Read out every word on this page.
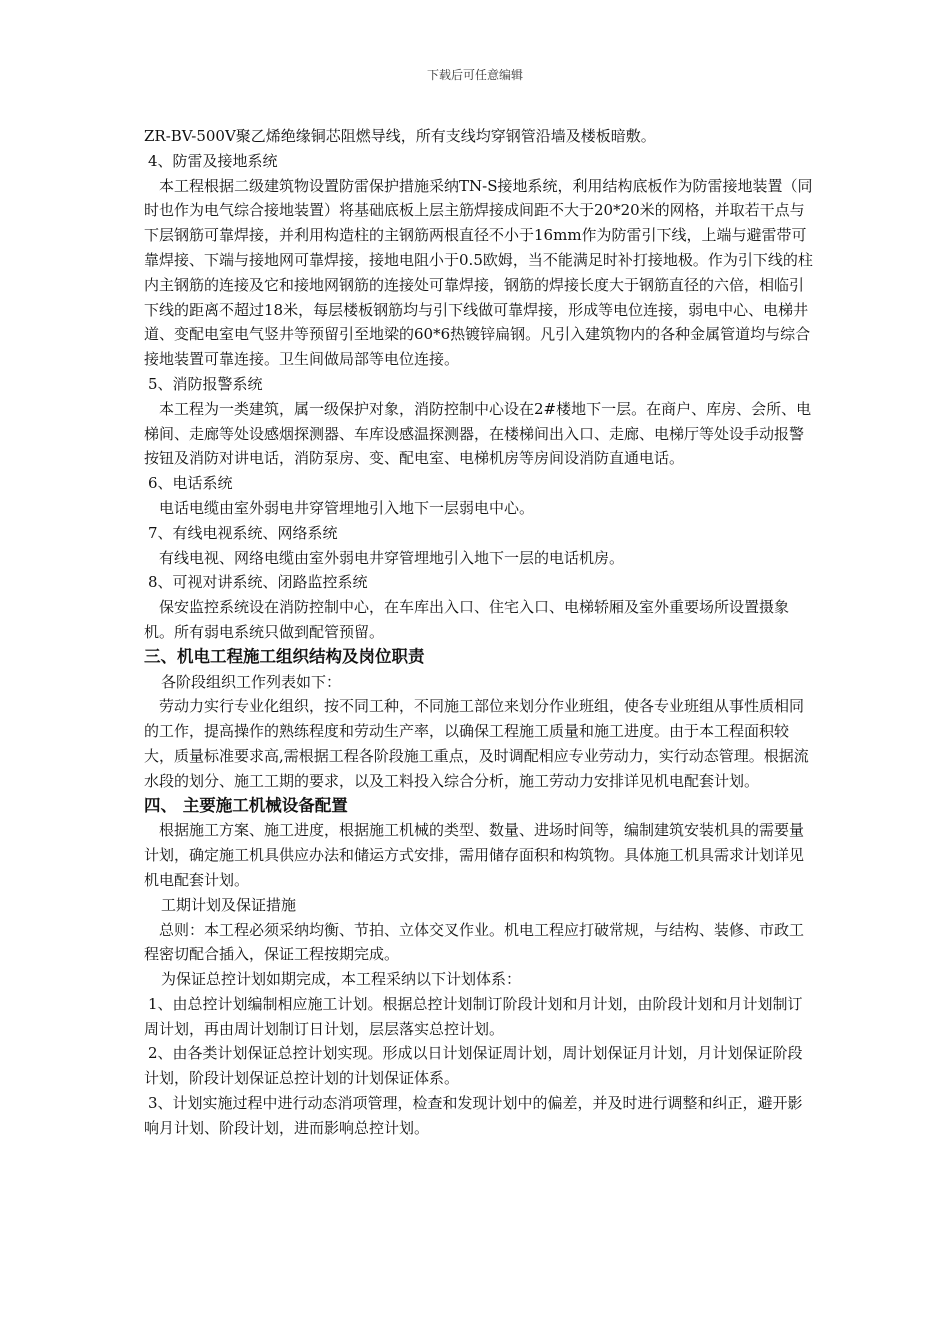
下载后可任意编辑

ZR-BV-500V聚乙烯绝缘铜芯阻燃导线，所有支线均穿钢管沿墙及楼板暗敷。

4、防雷及接地系统

本工程根据二级建筑物设置防雷保护措施采纳TN-S接地系统，利用结构底板作为防雷接地装置（同时也作为电气综合接地装置）将基础底板上层主筋焊接成间距不大于20*20米的网格，并取若干点与下层钢筋可靠焊接，并利用构造柱的主钢筋两根直径不小于16mm作为防雷引下线，上端与避雷带可靠焊接、下端与接地网可靠焊接，接地电阻小于0.5欧姆，当不能满足时补打接地极。作为引下线的柱内主钢筋的连接及它和接地网钢筋的连接处可靠焊接，钢筋的焊接长度大于钢筋直径的六倍，相临引下线的距离不超过18米，每层楼板钢筋均与引下线做可靠焊接，形成等电位连接，弱电中心、电梯井道、变配电室电气竖井等预留引至地梁的60*6热镀锌扁钢。凡引入建筑物内的各种金属管道均与综合接地装置可靠连接。卫生间做局部等电位连接。

5、消防报警系统

本工程为一类建筑，属一级保护对象，消防控制中心设在2#楼地下一层。在商户、库房、会所、电梯间、走廊等处设感烟探测器、车库设感温探测器，在楼梯间出入口、走廊、电梯厅等处设手动报警按钮及消防对讲电话，消防泵房、变、配电室、电梯机房等房间设消防直通电话。

6、电话系统

电话电缆由室外弱电井穿管埋地引入地下一层弱电中心。

7、有线电视系统、网络系统

有线电视、网络电缆由室外弱电井穿管埋地引入地下一层的电话机房。

8、可视对讲系统、闭路监控系统

保安监控系统设在消防控制中心，在车库出入口、住宅入口、电梯轿厢及室外重要场所设置摄象机。所有弱电系统只做到配管预留。

三、机电工程施工组织结构及岗位职责

各阶段组织工作列表如下：

劳动力实行专业化组织，按不同工种，不同施工部位来划分作业班组，使各专业班组从事性质相同的工作，提高操作的熟练程度和劳动生产率，以确保工程施工质量和施工进度。由于本工程面积较大，质量标准要求高,需根据工程各阶段施工重点，及时调配相应专业劳动力，实行动态管理。根据流水段的划分、施工工期的要求，以及工料投入综合分析，施工劳动力安排详见机电配套计划。

四、 主要施工机械设备配置

根据施工方案、施工进度，根据施工机械的类型、数量、进场时间等，编制建筑安装机具的需要量计划，确定施工机具供应办法和储运方式安排，需用储存面积和构筑物。具体施工机具需求计划详见机电配套计划。

工期计划及保证措施

总则：本工程必须采纳均衡、节拍、立体交叉作业。机电工程应打破常规，与结构、装修、市政工程密切配合插入，保证工程按期完成。

为保证总控计划如期完成，本工程采纳以下计划体系：

1、由总控计划编制相应施工计划。根据总控计划制订阶段计划和月计划，由阶段计划和月计划制订周计划，再由周计划制订日计划，层层落实总控计划。

2、由各类计划保证总控计划实现。形成以日计划保证周计划，周计划保证月计划，月计划保证阶段计划，阶段计划保证总控计划的计划保证体系。

3、计划实施过程中进行动态消项管理，检查和发现计划中的偏差，并及时进行调整和纠正，避开影响月计划、阶段计划，进而影响总控计划。
